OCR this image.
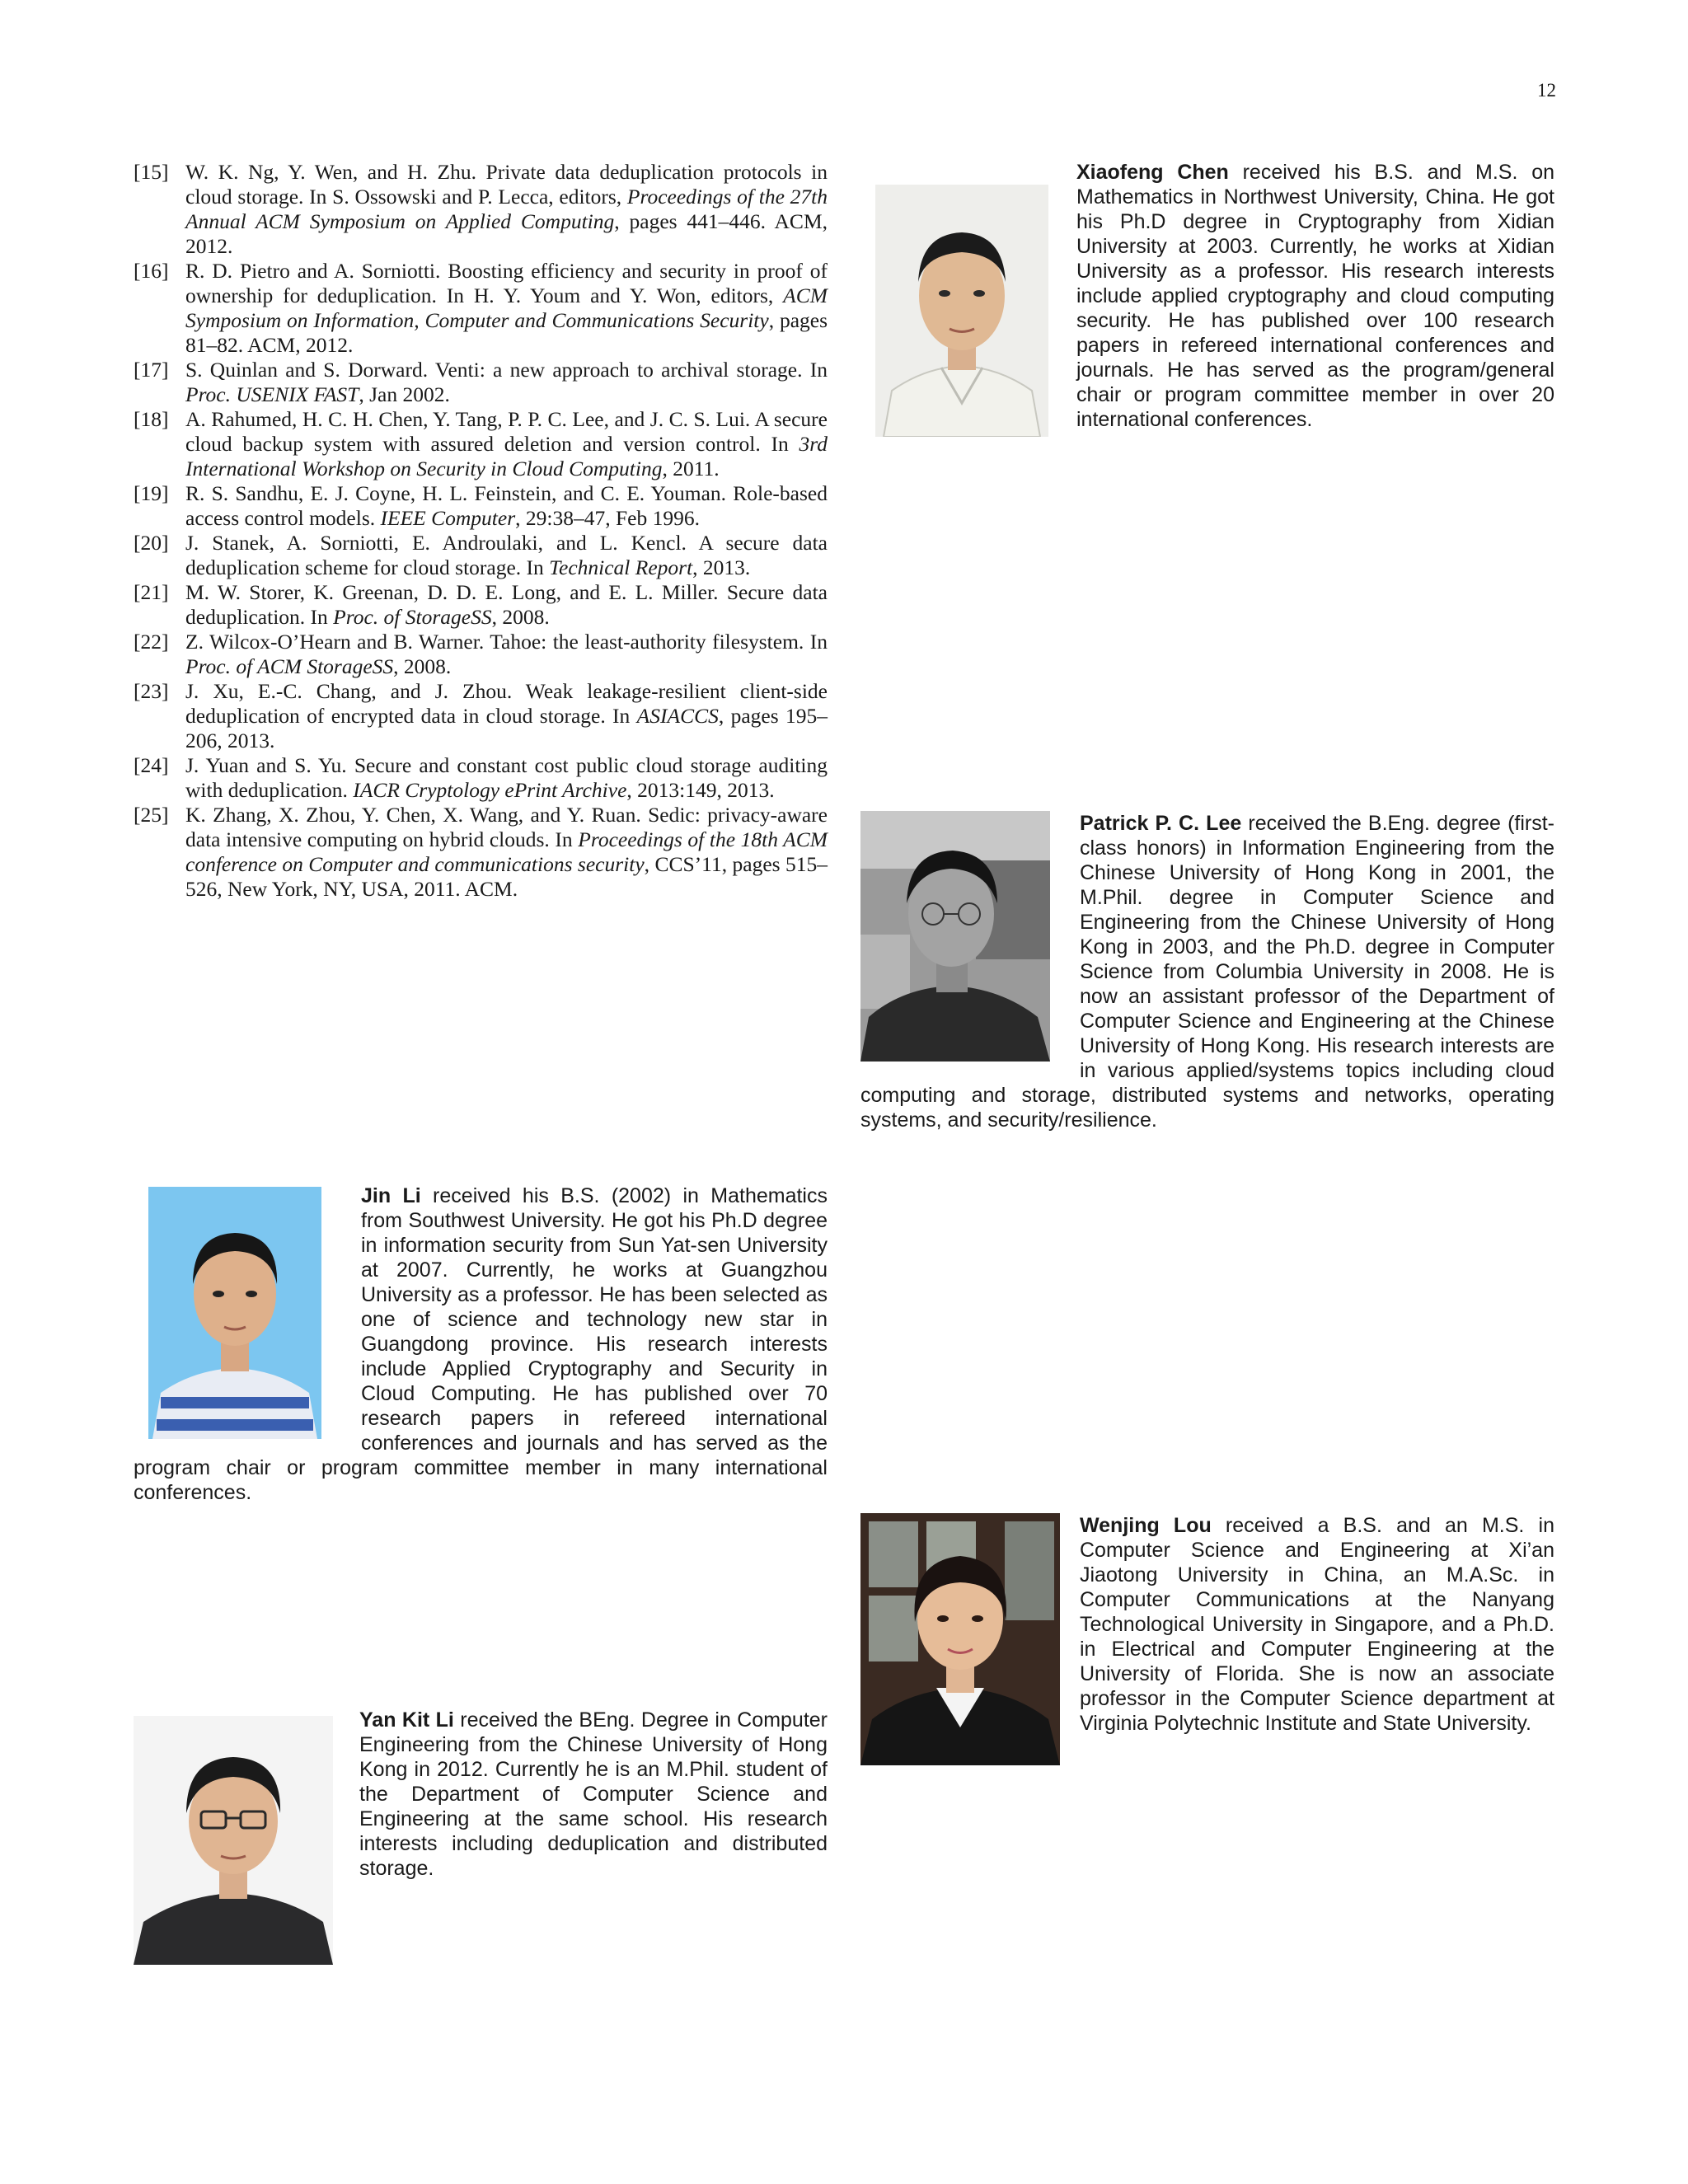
12

[15] W. K. Ng, Y. Wen, and H. Zhu. Private data deduplication protocols in cloud storage. In S. Ossowski and P. Lecca, editors, Proceedings of the 27th Annual ACM Symposium on Applied Computing, pages 441–446. ACM, 2012.

[16] R. D. Pietro and A. Sorniotti. Boosting efficiency and security in proof of ownership for deduplication. In H. Y. Youm and Y. Won, editors, ACM Symposium on Information, Computer and Communications Security, pages 81–82. ACM, 2012.

[17] S. Quinlan and S. Dorward. Venti: a new approach to archival storage. In Proc. USENIX FAST, Jan 2002.

[18] A. Rahumed, H. C. H. Chen, Y. Tang, P. P. C. Lee, and J. C. S. Lui. A secure cloud backup system with assured deletion and version control. In 3rd International Workshop on Security in Cloud Computing, 2011.

[19] R. S. Sandhu, E. J. Coyne, H. L. Feinstein, and C. E. Youman. Role-based access control models. IEEE Computer, 29:38–47, Feb 1996.

[20] J. Stanek, A. Sorniotti, E. Androulaki, and L. Kencl. A secure data deduplication scheme for cloud storage. In Technical Report, 2013.

[21] M. W. Storer, K. Greenan, D. D. E. Long, and E. L. Miller. Secure data deduplication. In Proc. of StorageSS, 2008.

[22] Z. Wilcox-O’Hearn and B. Warner. Tahoe: the least-authority filesystem. In Proc. of ACM StorageSS, 2008.

[23] J. Xu, E.-C. Chang, and J. Zhou. Weak leakage-resilient client-side deduplication of encrypted data in cloud storage. In ASIACCS, pages 195–206, 2013.

[24] J. Yuan and S. Yu. Secure and constant cost public cloud storage auditing with deduplication. IACR Cryptology ePrint Archive, 2013:149, 2013.

[25] K. Zhang, X. Zhou, Y. Chen, X. Wang, and Y. Ruan. Sedic: privacy-aware data intensive computing on hybrid clouds. In Proceedings of the 18th ACM conference on Computer and communications security, CCS’11, pages 515–526, New York, NY, USA, 2011. ACM.

Xiaofeng Chen received his B.S. and M.S. on Mathematics in Northwest University, China. He got his Ph.D degree in Cryptography from Xidian University at 2003. Currently, he works at Xidian University as a professor. His research interests include applied cryptography and cloud computing security. He has published over 100 research papers in refereed international conferences and journals. He has served as the program/general chair or program committee member in over 20 international conferences.
Patrick P. C. Lee received the B.Eng. degree (first-class honors) in Information Engineering from the Chinese University of Hong Kong in 2001, the M.Phil. degree in Computer Science and Engineering from the Chinese University of Hong Kong in 2003, and the Ph.D. degree in Computer Science from Columbia University in 2008. He is now an assistant professor of the Department of Computer Science and Engineering at the Chinese University of Hong Kong. His research interests are in various applied/systems topics including cloud computing and storage, distributed systems and networks, operating systems, and security/resilience.
Jin Li received his B.S. (2002) in Mathematics from Southwest University. He got his Ph.D degree in information security from Sun Yat-sen University at 2007. Currently, he works at Guangzhou University as a professor. He has been selected as one of science and technology new star in Guangdong province. His research interests include Applied Cryptography and Security in Cloud Computing. He has published over 70 research papers in refereed international conferences and journals and has served as the program chair or program committee member in many international conferences.
Wenjing Lou received a B.S. and an M.S. in Computer Science and Engineering at Xi’an Jiaotong University in China, an M.A.Sc. in Computer Communications at the Nanyang Technological University in Singapore, and a Ph.D. in Electrical and Computer Engineering at the University of Florida. She is now an associate professor in the Computer Science department at Virginia Polytechnic Institute and State University.
Yan Kit Li received the BEng. Degree in Computer Engineering from the Chinese University of Hong Kong in 2012. Currently he is an M.Phil. student of the Department of Computer Science and Engineering at the same school. His research interests including deduplication and distributed storage.
